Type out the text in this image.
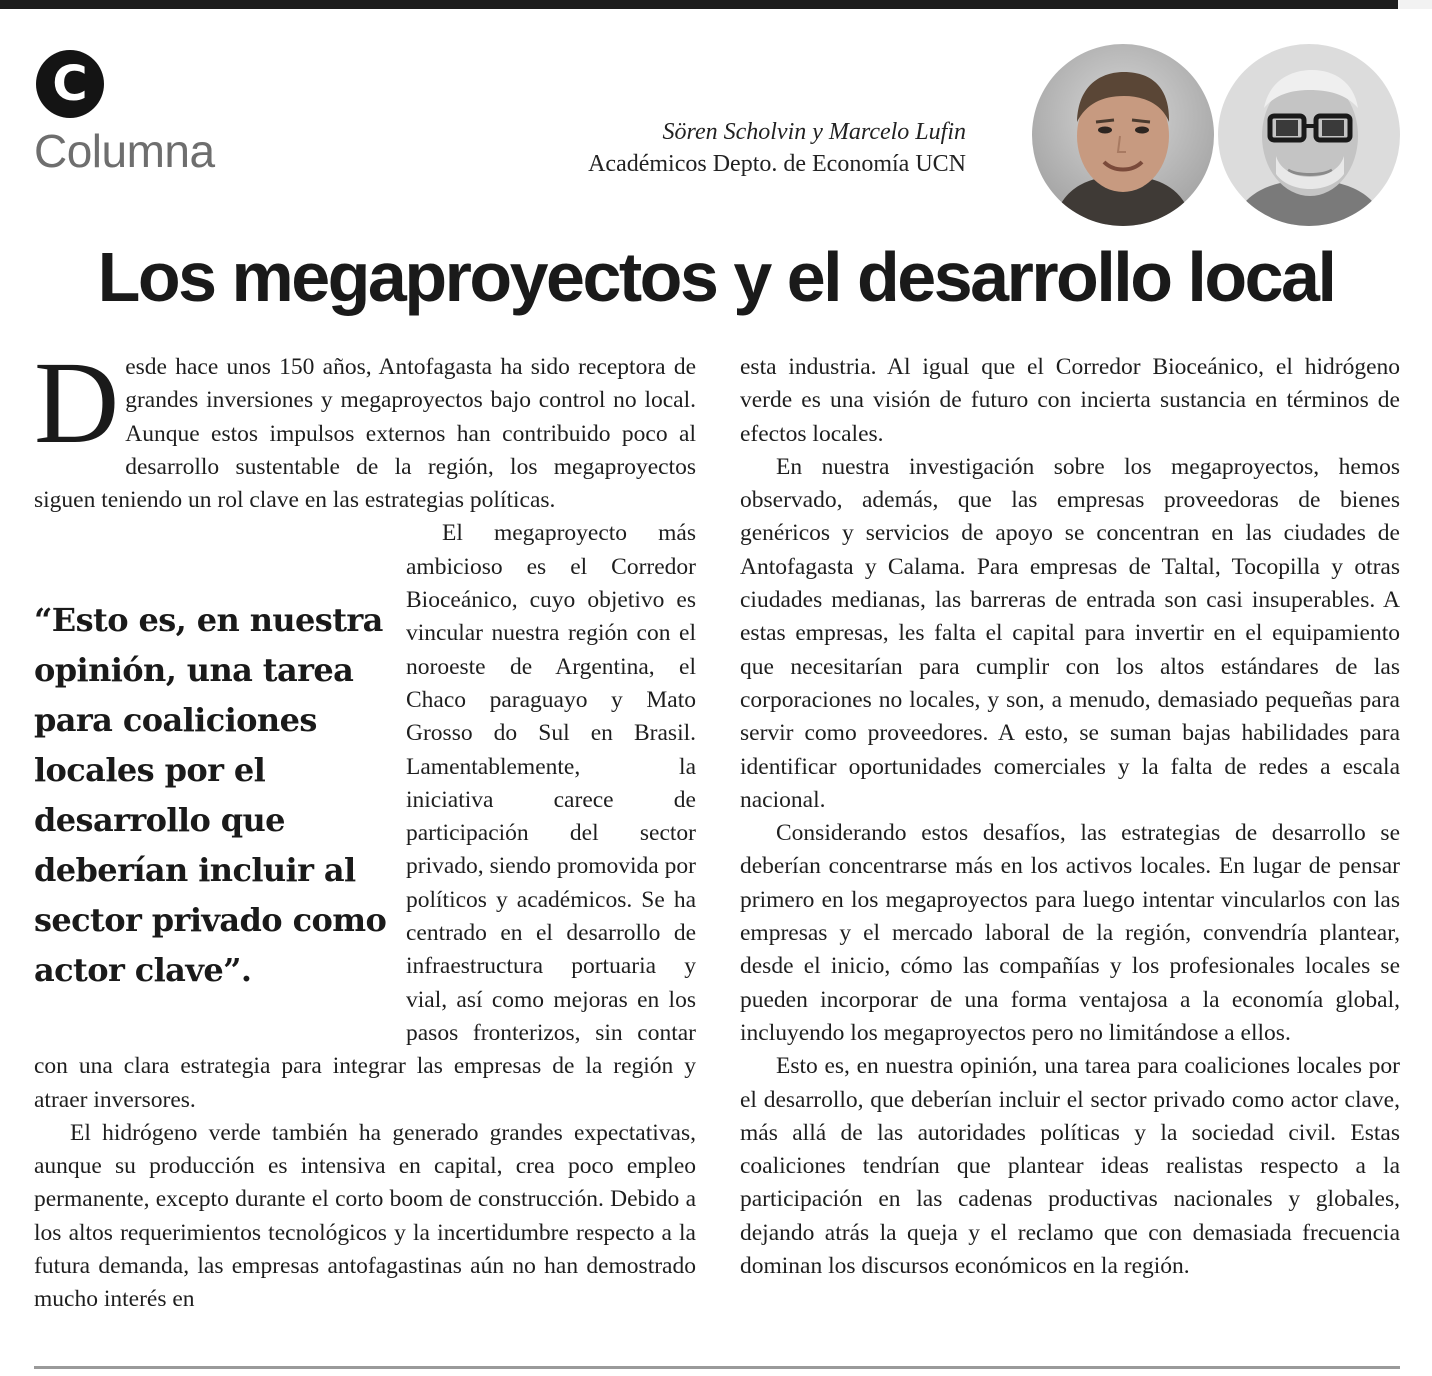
C
Columna	Sören Scholvin y Marcelo Lufin
Académicos Depto. de Economía UCN
Los megaproyectos y el desarrollo local

Desde hace unos 150 años, Antofagasta ha sido receptora de grandes inversiones y megaproyectos bajo control no local. Aunque estos impulsos externos han contribuido poco al desarrollo sustentable de la región, los megaproyectos siguen teniendo un rol clave en las estrategias políticas.

“Esto es, en nuestra opinión, una tarea para coaliciones locales por el desarrollo que deberían incluir al sector privado como actor clave”.

El megaproyecto más ambicioso es el Corredor Bioceánico, cuyo objetivo es vincular nuestra región con el noroeste de Argentina, el Chaco paraguayo y Mato Grosso do Sul en Brasil. Lamentablemente, la iniciativa carece de participación del sector privado, siendo promovida por políticos y académicos. Se ha centrado en el desarrollo de infraestructura portuaria y vial, así como mejoras en los pasos fronterizos, sin contar con una clara estrategia para integrar las empresas de la región y atraer inversores.

El hidrógeno verde también ha generado grandes expectativas, aunque su producción es intensiva en capital, crea poco empleo permanente, excepto durante el corto boom de construcción. Debido a los altos requerimientos tecnológicos y la incertidumbre respecto a la futura demanda, las empresas antofagastinas aún no han demostrado mucho interés en

esta industria. Al igual que el Corredor Bioceánico, el hidrógeno verde es una visión de futuro con incierta sustancia en términos de efectos locales.

En nuestra investigación sobre los megaproyectos, hemos observado, además, que las empresas proveedoras de bienes genéricos y servicios de apoyo se concentran en las ciudades de Antofagasta y Calama. Para empresas de Taltal, Tocopilla y otras ciudades medianas, las barreras de entrada son casi insuperables. A estas empresas, les falta el capital para invertir en el equipamiento que necesitarían para cumplir con los altos estándares de las corporaciones no locales, y son, a menudo, demasiado pequeñas para servir como proveedores. A esto, se suman bajas habilidades para identificar oportunidades comerciales y la falta de redes a escala nacional.

Considerando estos desafíos, las estrategias de desarrollo se deberían concentrarse más en los activos locales. En lugar de pensar primero en los megaproyectos para luego intentar vincularlos con las empresas y el mercado laboral de la región, convendría plantear, desde el inicio, cómo las compañías y los profesionales locales se pueden incorporar de una forma ventajosa a la economía global, incluyendo los megaproyectos pero no limitándose a ellos.

Esto es, en nuestra opinión, una tarea para coaliciones locales por el desarrollo, que deberían incluir el sector privado como actor clave, más allá de las autoridades políticas y la sociedad civil. Estas coaliciones tendrían que plantear ideas realistas respecto a la participación en las cadenas productivas nacionales y globales, dejando atrás la queja y el reclamo que con demasiada frecuencia dominan los discursos económicos en la región.
